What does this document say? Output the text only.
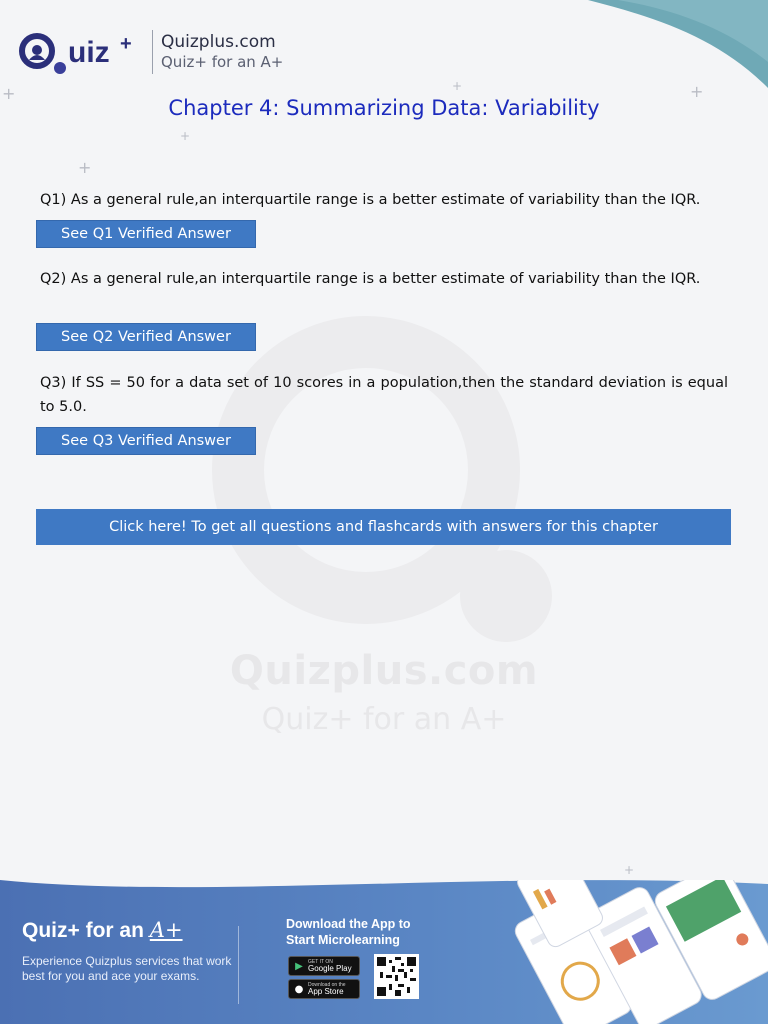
Quizplus.com
Quiz+ for an A+
+	+	+
+
+
+
uiz + Quizplus.com
Quiz+ for an A+
Chapter 4: Summarizing Data: Variability

Q1) As a general rule,an interquartile range is a better estimate of variability than the IQR.

See Q1 Verified Answer

Q2) As a general rule,an interquartile range is a better estimate of variability than the IQR.

See Q2 Verified Answer

Q3) If SS = 50 for a data set of 10 scores in a population,then the standard deviation is equal to 5.0.

See Q3 Verified Answer
Click here! To get all questions and flashcards with answers for this chapter
Quiz+ for an A+
Experience Quizplus services that work best for you and ace your exams.
Download the App to
Start Microlearning
▶	GET IT ON
Google Play
● Download on the
App Store
